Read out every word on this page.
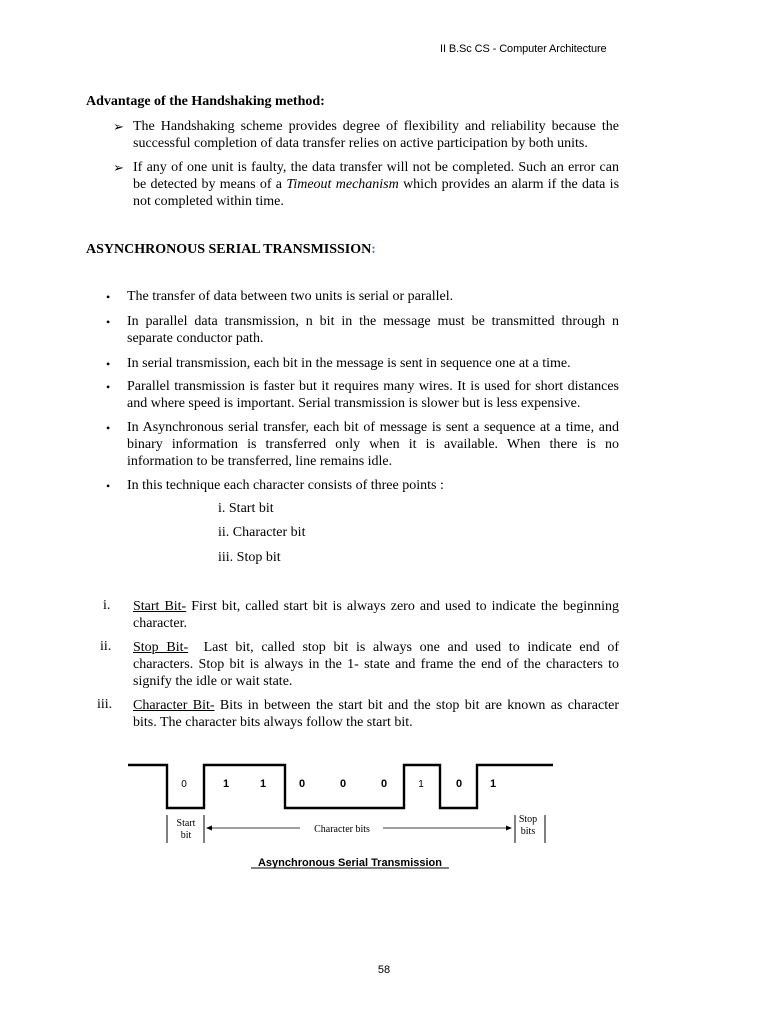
II B.Sc CS - Computer Architecture
Advantage of the Handshaking method:
➢ The Handshaking scheme provides degree of flexibility and reliability because the
successful completion of data transfer relies on active participation by both units.
➢ If any of one unit is faulty, the data transfer will not be completed. Such an error can
be detected by means of a Timeout mechanism which provides an alarm if the data is
not completed within time.
ASYNCHRONOUS SERIAL TRANSMISSION:
• The transfer of data between two units is serial or parallel.
• In parallel data transmission, n bit in the message must be transmitted through n
separate conductor path.
• In serial transmission, each bit in the message is sent in sequence one at a time.
• Parallel transmission is faster but it requires many wires. It is used for short distances
and where speed is important. Serial transmission is slower but is less expensive.
• In Asynchronous serial transfer, each bit of message is sent a sequence at a time, and
binary information is transferred only when it is available. When there is no
information to be transferred, line remains idle.
• In this technique each character consists of three points :
i. Start bit
ii. Character bit
iii. Stop bit
i. Start Bit- First bit, called start bit is always zero and used to indicate the beginning
character.
ii. Stop Bit- Last bit, called stop bit is always one and used to indicate end of
characters. Stop bit is always in the 1- state and frame the end of the characters to
signify the idle or wait state.
iii. Character Bit- Bits in between the start bit and the stop bit are known as character
bits. The character bits always follow the start bit.
0	1	1	0	0	0	1	0	1
Start
bit
Stop
bits
Character bits
Asynchronous Serial Transmission
58
